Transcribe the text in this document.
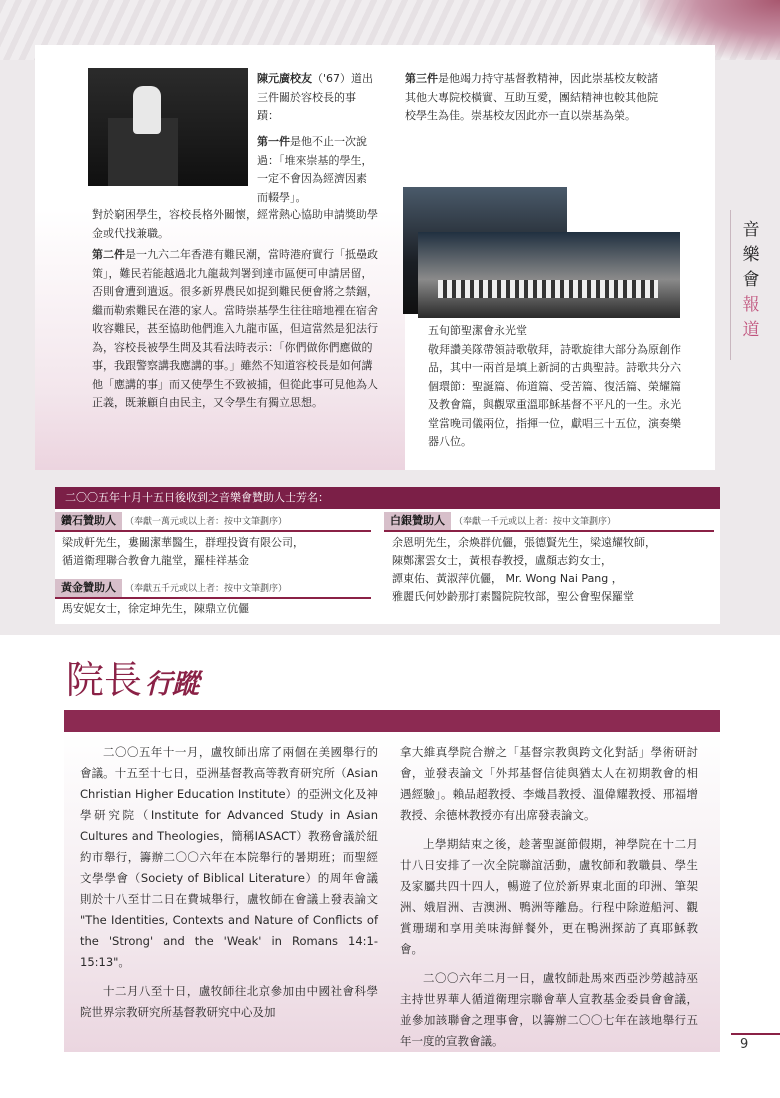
陳元廣校友（'67）道出三件關於容校長的事蹟：

第一件是他不止一次說過：「堆來崇基的學生，一定不會因為經濟因素而輟學」。

對於窮困學生，容校長格外關懷，經常熱心協助申請獎助學金或代找兼職。

第二件是一九六二年香港有難民潮，當時港府實行「抵壘政策」，難民若能越過北九龍裁判署到達市區便可申請居留，否則會遭到遣返。很多新界農民如捉到難民便會將之禁錮，繼而勒索難民在港的家人。當時崇基學生往往暗地裡在宿舍收容難民，甚至協助他們進入九龍市區，但這當然是犯法行為，容校長被學生問及其看法時表示：「你們做你們應做的事，我跟警察講我應講的事。」雖然不知道容校長是如何講他「應講的事」而又使學生不致被捕，但從此事可見他為人正義，既兼顧自由民主，又令學生有獨立思想。

第三件是他竭力持守基督教精神，因此崇基校友較諸其他大專院校橫實、互助互愛，團結精神也較其他院校學生為佳。崇基校友因此亦一直以崇基為榮。

五旬節聖潔會永光堂
敬拜讚美隊帶領詩歌敬拜，詩歌旋律大部分為原創作品，其中一兩首是填上新詞的古典聖詩。詩歌共分六個環節：聖誕篇、佈道篇、受苦篇、復活篇、榮耀篇及教會篇，與觀眾重溫耶穌基督不平凡的一生。永光堂當晚司儀兩位，指揮一位，獻唱三十五位，演奏樂器八位。

音
樂
會
報
道
二〇〇五年十月十五日後收到之音樂會贊助人士芳名：
鑽石贊助人 （奉獻一萬元或以上者：按中文筆劃序）

梁成軒先生，婁關潔華醫生，群理投資有限公司，

循道衛理聯合教會九龍堂，羅桂祥基金

黃金贊助人 （奉獻五千元或以上者：按中文筆劃序）

馬安妮女士，徐定坤先生，陳鼎立伉儷

白銀贊助人 （奉獻一千元或以上者：按中文筆劃序）

余恩明先生，余煥群伉儷，張德賢先生，梁遠耀牧師，

陳鄭潔雲女士，黃根春教授，盧顏志鈞女士，

譚東佑、黃淑萍伉儷， Mr. Wong Nai Pang ，

雅麗氏何妙齡那打素醫院院牧部，聖公會聖保羅堂

院長 行蹤

二〇〇五年十一月，盧牧師出席了兩個在美國舉行的會議。十五至十七日，亞洲基督教高等教育研究所（Asian Christian Higher Education Institute）的亞洲文化及神學研究院（Institute for Advanced Study in Asian Cultures and Theologies，簡稱IASACT）教務會議於紐約市舉行，籌辦二〇〇六年在本院舉行的暑期班；而聖經文學學會（Society of Biblical Literature）的周年會議則於十八至廿二日在費城舉行，盧牧師在會議上發表論文 "The Identities, Contexts and Nature of Conflicts of the 'Strong' and the 'Weak' in Romans 14:1-15:13"。

十二月八至十日，盧牧師往北京參加由中國社會科學院世界宗教研究所基督教研究中心及加

拿大維真學院合辦之「基督宗教與跨文化對話」學術研討會，並發表論文「外邦基督信徒與猶太人在初期教會的相遇經驗」。賴品超教授、李熾昌教授、溫偉耀教授、邢福增教授、余德林教授亦有出席發表論文。

上學期結束之後，趁著聖誕節假期，神學院在十二月廿八日安排了一次全院聯誼活動，盧牧師和教職員、學生及家屬共四十四人，暢遊了位於新界東北面的印洲、筆架洲、娥眉洲、吉澳洲、鴨洲等離島。行程中除遊船河、觀賞珊瑚和享用美味海鮮餐外，更在鴨洲探訪了真耶穌教會。

二〇〇六年二月一日，盧牧師赴馬來西亞沙勞越詩巫主持世界華人循道衛理宗聯會華人宣教基金委員會會議，並參加該聯會之理事會，以籌辦二〇〇七年在該地舉行五年一度的宣教會議。	9
